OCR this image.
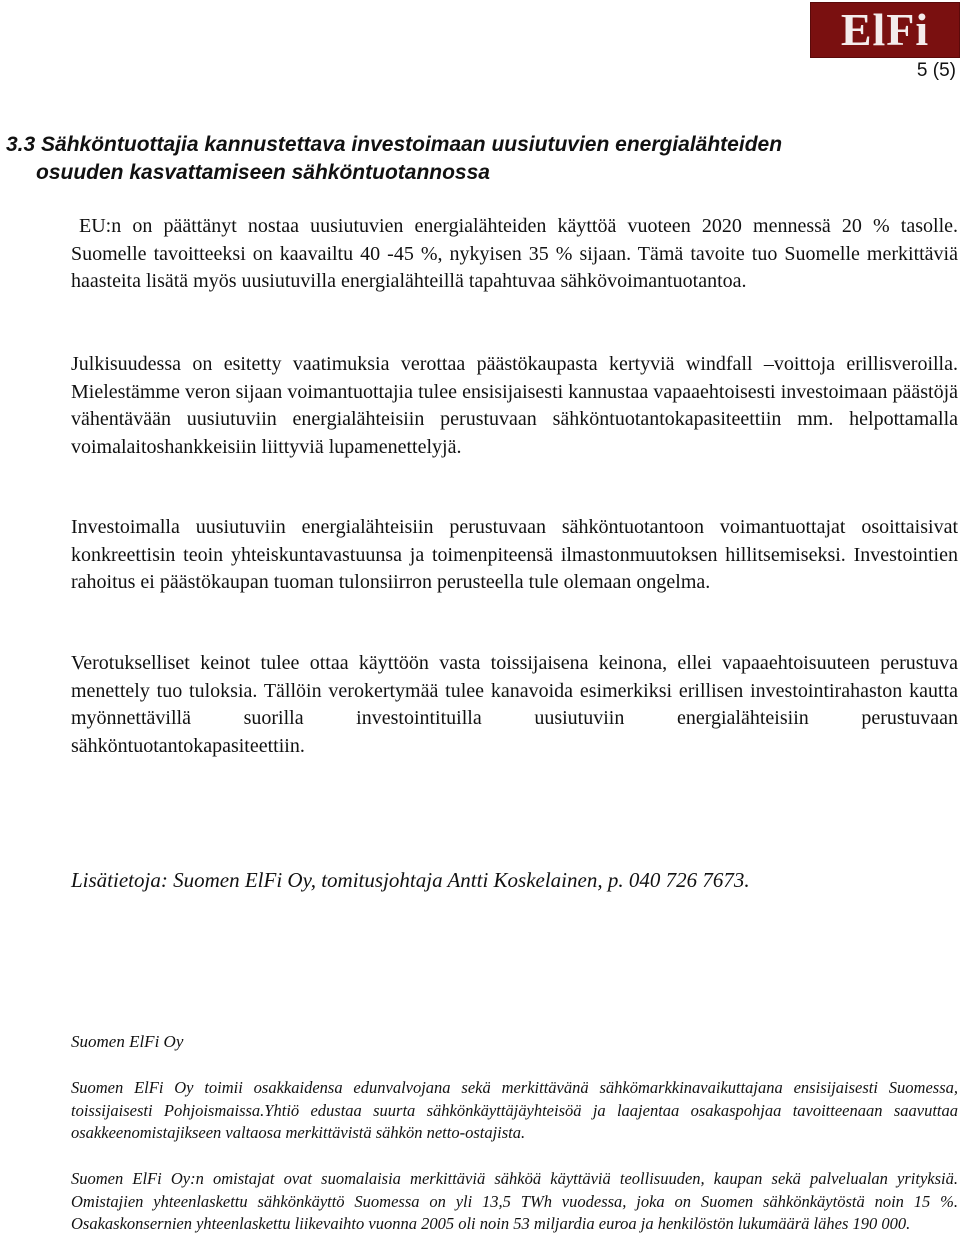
ElFi
5 (5)
3.3 Sähköntuottajia kannustettava investoimaan uusiutuvien energialähteiden
osuuden kasvattamiseen sähköntuotannossa

EU:n on päättänyt nostaa uusiutuvien energialähteiden käyttöä vuoteen 2020 mennessä 20 % tasolle. Suomelle tavoitteeksi on kaavailtu 40 -45 %, nykyisen 35 % sijaan. Tämä tavoite tuo Suomelle merkittäviä haasteita lisätä myös uusiutuvilla energialähteillä tapahtuvaa sähkövoimantuotantoa.

Julkisuudessa on esitetty vaatimuksia verottaa päästökaupasta kertyviä windfall –voittoja erillisveroilla. Mielestämme veron sijaan voimantuottajia tulee ensisijaisesti kannustaa vapaaehtoisesti investoimaan päästöjä vähentävään uusiutuviin energialähteisiin perustuvaan sähköntuotantokapasiteettiin mm. helpottamalla voimalaitoshankkeisiin liittyviä lupamenettelyjä.

Investoimalla uusiutuviin energialähteisiin perustuvaan sähköntuotantoon voimantuottajat osoittaisivat konkreettisin teoin yhteiskuntavastuunsa ja toimenpiteensä ilmastonmuutoksen hillitsemiseksi. Investointien rahoitus ei päästökaupan tuoman tulonsiirron perusteella tule olemaan ongelma.

Verotukselliset keinot tulee ottaa käyttöön vasta toissijaisena keinona, ellei vapaaehtoisuuteen perustuva menettely tuo tuloksia. Tällöin verokertymää tulee kanavoida esimerkiksi erillisen investointirahaston kautta myönnettävillä suorilla investointituilla uusiutuviin energialähteisiin perustuvaan sähköntuotantokapasiteettiin.

Lisätietoja: Suomen ElFi Oy, tomitusjohtaja Antti Koskelainen, p. 040 726 7673.

Suomen ElFi Oy

Suomen ElFi Oy toimii osakkaidensa edunvalvojana sekä merkittävänä sähkömarkkinavaikuttajana ensisijaisesti Suomessa, toissijaisesti Pohjoismaissa.Yhtiö edustaa suurta sähkönkäyttäjäyhteisöä ja laajentaa osakaspohjaa tavoitteenaan saavuttaa osakkeenomistajikseen valtaosa merkittävistä sähkön netto-ostajista.

Suomen ElFi Oy:n omistajat ovat suomalaisia merkittäviä sähköä käyttäviä teollisuuden, kaupan sekä palvelualan yrityksiä. Omistajien yhteenlaskettu sähkönkäyttö Suomessa on yli 13,5 TWh vuodessa, joka on Suomen sähkönkäytöstä noin 15 %. Osakaskonsernien yhteenlaskettu liikevaihto vuonna 2005 oli noin 53 miljardia euroa ja henkilöstön lukumäärä lähes 190 000.
